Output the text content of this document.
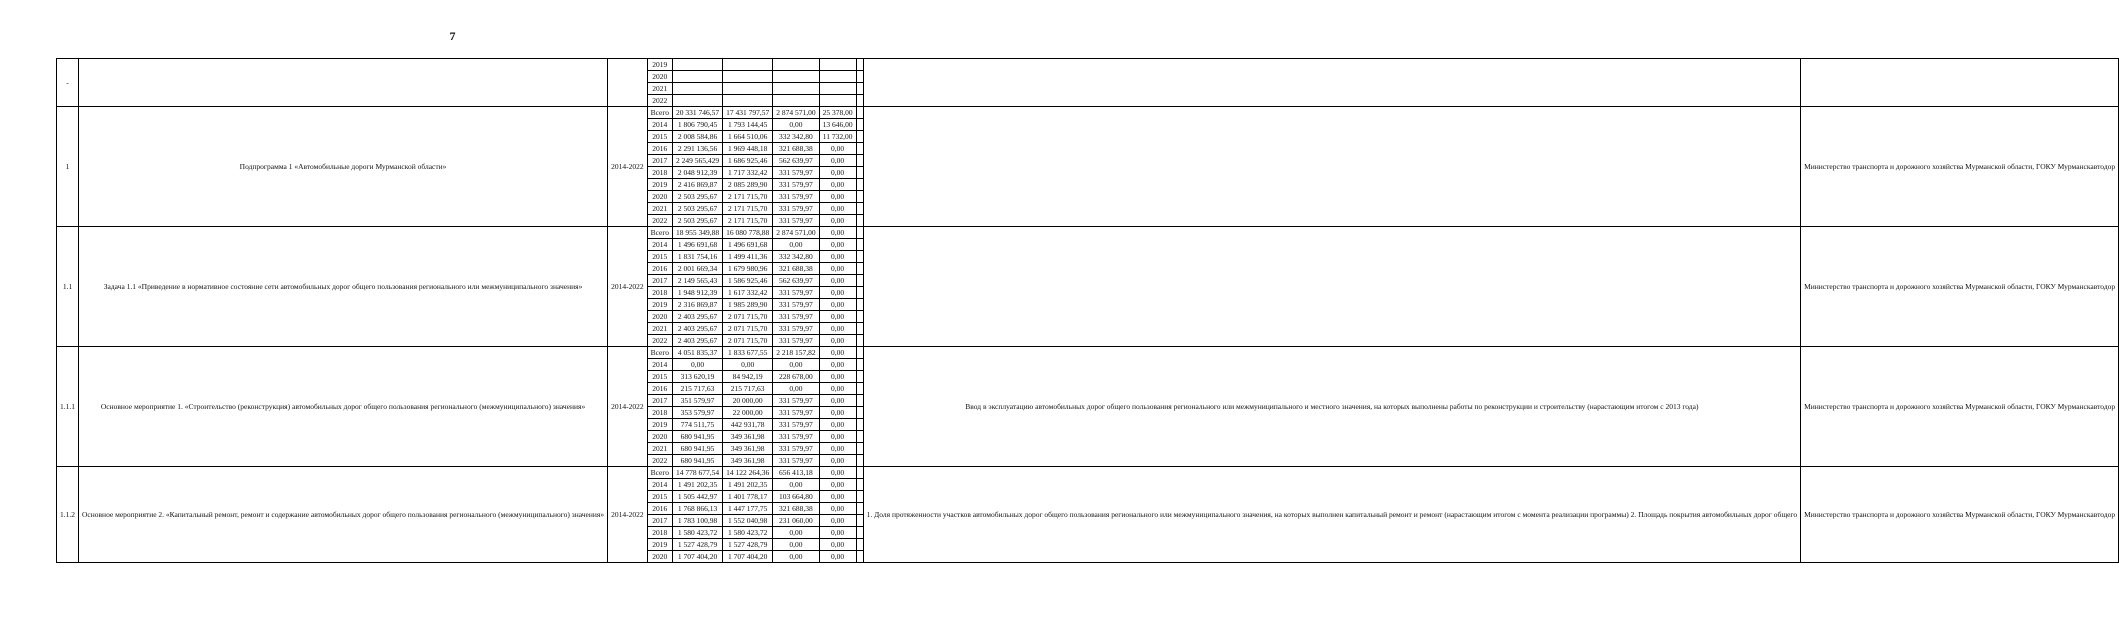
7
-			2019							
			2020							
			2021							
			2022							
1	Подпрограмма 1 «Автомобильные дороги Мурманской области»	2014-2022	Всего	20 331 746,57	17 431 797,57	2 874 571,00	25 378,00			Министерство транспорта и дорожного хозяйства Мурманской области, ГОКУ Мурманскавтодор
			2014	1 806 790,45	1 793 144,45	0,00	13 646,00			
			2015	2 008 584,86	1 664 510,06	332 342,80	11 732,00			
			2016	2 291 136,56	1 969 448,18	321 688,38	0,00			
			2017	2 249 565,429	1 686 925,46	562 639,97	0,00			
			2018	2 048 912,39	1 717 332,42	331 579,97	0,00			
			2019	2 416 869,87	2 085 289,90	331 579,97	0,00			
			2020	2 503 295,67	2 171 715,70	331 579,97	0,00			
			2021	2 503 295,67	2 171 715,70	331 579,97	0,00			
			2022	2 503 295,67	2 171 715,70	331 579,97	0,00			
1.1	Задача 1.1 «Приведение в нормативное состояние сети автомобильных дорог общего пользования регионального или межмуниципального значения»	2014-2022	Всего	18 955 349,88	16 080 778,88	2 874 571,00	0,00			Министерство транспорта и дорожного хозяйства Мурманской области, ГОКУ Мурманскавтодор
			2014	1 496 691,68	1 496 691,68	0,00	0,00			
			2015	1 831 754,16	1 499 411,36	332 342,80	0,00			
			2016	2 001 669,34	1 679 980,96	321 688,38	0,00			
			2017	2 149 565,43	1 586 925,46	562 639,97	0,00			
			2018	1 948 912,39	1 617 332,42	331 579,97	0,00			
			2019	2 316 869,87	1 985 289,90	331 579,97	0,00			
			2020	2 403 295,67	2 071 715,70	331 579,97	0,00			
			2021	2 403 295,67	2 071 715,70	331 579,97	0,00			
			2022	2 403 295,67	2 071 715,70	331 579,97	0,00			
1.1.1	Основное мероприятие 1. «Строительство (реконструкция) автомобильных дорог общего пользования регионального (межмуниципального) значения»	2014-2022	Всего	4 051 835,37	1 833 677,55	2 218 157,82	0,00		Ввод в эксплуатацию автомобильных дорог общего пользования регионального или межмуниципального и местного значения, на которых выполнены работы по реконструкции и строительству (нарастающим итогом с 2013 года)	Министерство транспорта и дорожного хозяйства Мурманской области, ГОКУ Мурманскавтодор
			2014	0,00	0,00	0,00	0,00			
			2015	313 620,19	84 942,19	228 678,00	0,00			
			2016	215 717,63	215 717,63	0,00	0,00			
			2017	351 579,97	20 000,00	331 579,97	0,00			
			2018	353 579,97	22 000,00	331 579,97	0,00			
			2019	774 511,75	442 931,78	331 579,97	0,00			
			2020	680 941,95	349 361,98	331 579,97	0,00			
			2021	680 941,95	349 361,98	331 579,97	0,00			
			2022	680 941,95	349 361,98	331 579,97	0,00			
1.1.2	Основное мероприятие 2. «Капитальный ремонт, ремонт и содержание автомобильных дорог общего пользования регионального (межмуниципального) значения»	2014-2022	Всего	14 778 677,54	14 122 264,36	656 413,18	0,00		1. Доля протяженности участков автомобильных дорог общего пользования регионального или межмуниципального значения, на которых выполнен капитальный ремонт и ремонт (нарастающим итогом с момента реализации программы) 2. Площадь покрытия автомобильных дорог общего	Министерство транспорта и дорожного хозяйства Мурманской области, ГОКУ Мурманскавтодор
			2014	1 491 202,35	1 491 202,35	0,00	0,00			
			2015	1 505 442,97	1 401 778,17	103 664,80	0,00			
			2016	1 768 866,13	1 447 177,75	321 688,38	0,00			
			2017	1 783 100,98	1 552 040,98	231 060,00	0,00			
			2018	1 580 423,72	1 580 423,72	0,00	0,00			
			2019	1 527 428,79	1 527 428,79	0,00	0,00			
			2020	1 707 404,20	1 707 404,20	0,00	0,00			
